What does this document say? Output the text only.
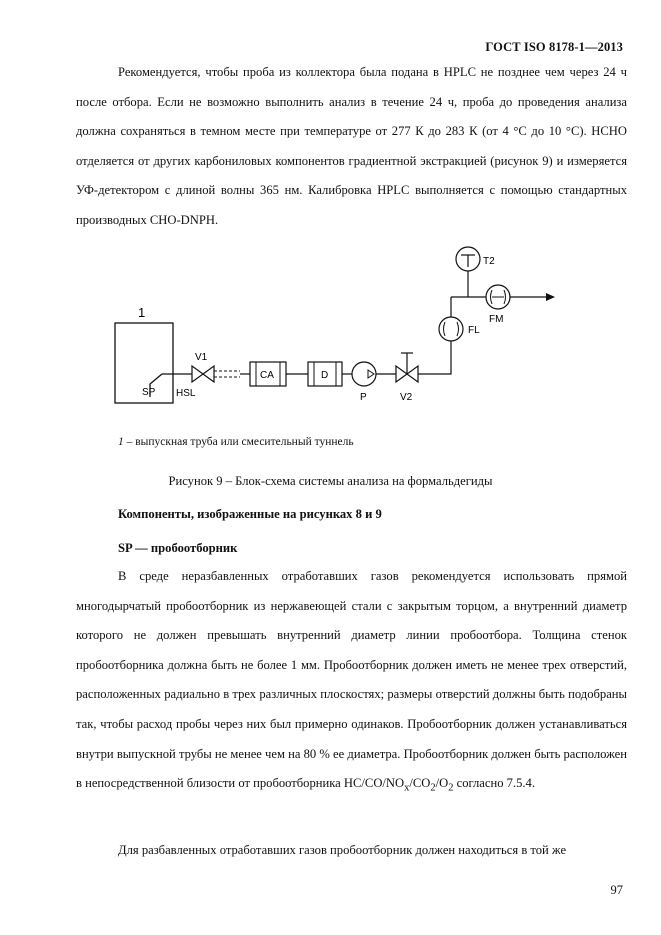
ГОСТ ISO 8178-1—2013
Рекомендуется, чтобы проба из коллектора была подана в HPLC не позднее чем через 24 ч после отбора. Если не возможно выполнить анализ в течение 24 ч, проба до проведения анализа должна сохраняться в темном месте при температуре от 277 К до 283 К (от 4 °С до 10 °С). HCHO отделяется от других карбониловых компонентов градиентной экстракцией (рисунок 9) и измеряется УФ-детектором с длиной волны 365 нм. Калибровка HPLC выполняется с помощью стандартных производных CHO-DNPH.
1
SP
V1
HSL
CA	D
P	V2
FL
T2
FM
1 – выпускная труба или смесительный туннель
Рисунок 9 – Блок-схема системы анализа на формальдегиды
Компоненты, изображенные на рисунках 8 и 9
SP — пробоотборник
В среде неразбавленных отработавших газов рекомендуется использовать прямой многодырчатый пробоотборник из нержавеющей стали с закрытым торцом, а внутренний диаметр которого не должен превышать внутренний диаметр линии пробоотбора. Толщина стенок пробоотборника должна быть не более 1 мм. Пробоотборник должен иметь не менее трех отверстий, расположенных радиально в трех различных плоскостях; размеры отверстий должны быть подобраны так, чтобы расход пробы через них был примерно одинаков. Пробоотборник должен устанавливаться внутри выпускной трубы не менее чем на 80 % ее диаметра. Пробоотборник должен быть расположен в непосредственной близости от пробоотборника $HC/CO/NO_x/CO_2/O_2$ согласно 7.5.4.
Для разбавленных отработавших газов пробоотборник должен находиться в той же
97
